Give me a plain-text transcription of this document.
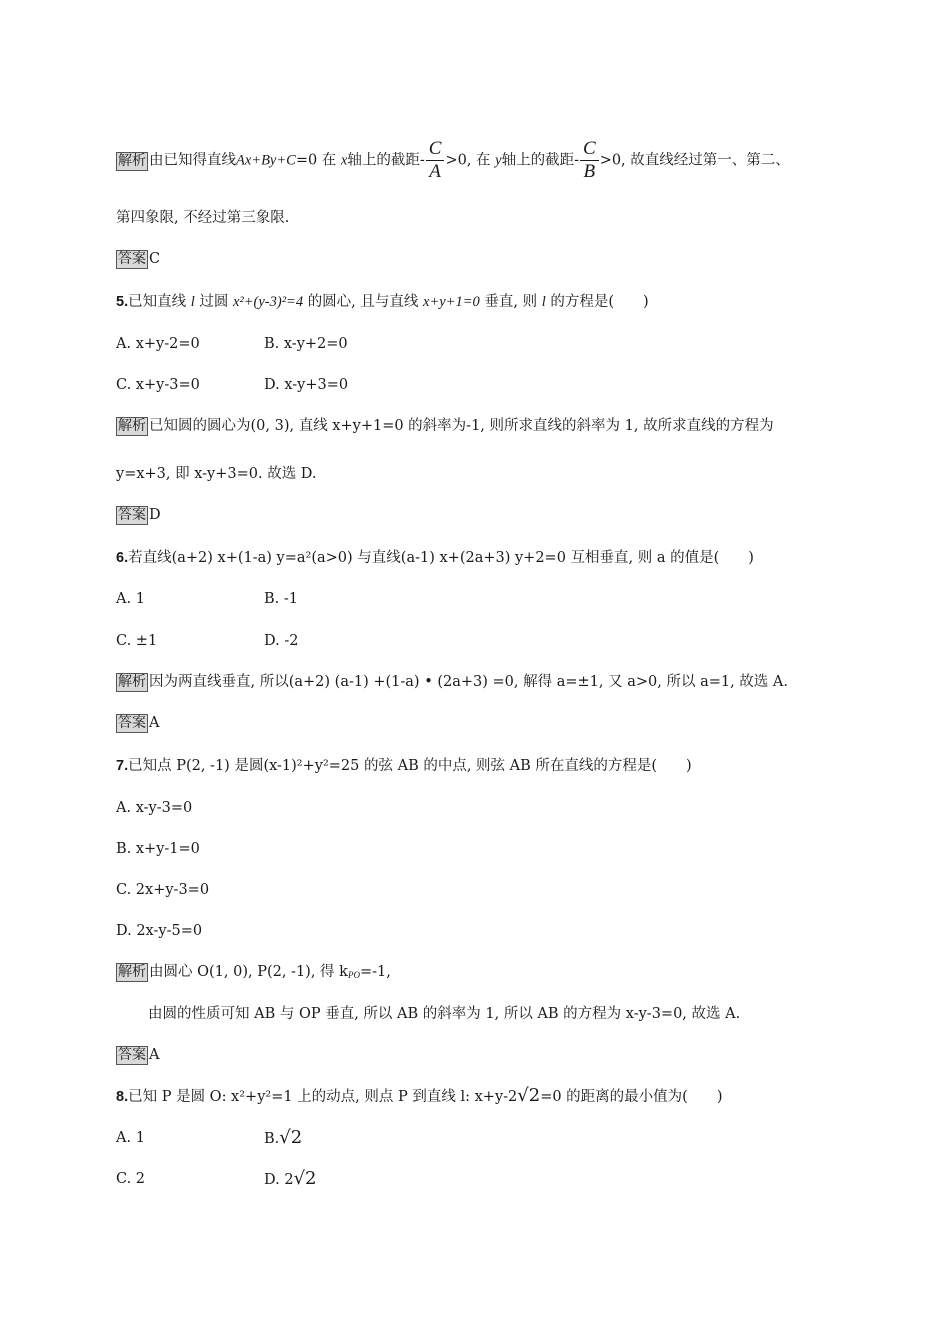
解析 由已知得直线Ax+By+C=0 在 x轴上的截距- $\frac{C}{A} >0$, 在 y轴上的截距- $\frac{C}{B} >0$, 故直线经过第一、第二、
第四象限, 不经过第三象限.
答案 C
5.已知直线 l 过圆 x²+(y-3)²=4 的圆心, 且与直线 x+y+1=0 垂直, 则 l 的方程是(　　)
A. x+y-2=0	B. x-y+2=0
C. x+y-3=0	D. x-y+3=0
解析 已知圆的圆心为(0, 3), 直线 x+y+1=0 的斜率为-1, 则所求直线的斜率为 1, 故所求直线的方程为
y=x+3, 即 x-y+3=0. 故选 D.
答案 D
6.若直线(a+2) x+(1-a) y=a²(a>0) 与直线(a-1) x+(2a+3) y+2=0 互相垂直, 则 a 的值是(　　)
A. 1	B. -1
C. ±1	D. -2
解析 因为两直线垂直, 所以(a+2) (a-1) +(1-a) • (2a+3) =0, 解得 a=±1, 又 a>0, 所以 a=1, 故选 A.
答案 A
7.已知点 P(2, -1) 是圆(x-1)²+y²=25 的弦 AB 的中点, 则弦 AB 所在直线的方程是(　　)
A. x-y-3=0
B. x+y-1=0
C. 2x+y-3=0
D. 2x-y-5=0
解析 由圆心 O(1, 0), P(2, -1), 得 $k_{PO}=-1$,
由圆的性质可知 AB 与 OP 垂直, 所以 AB 的斜率为 1, 所以 AB 的方程为 x-y-3=0, 故选 A.
答案 A
8.已知 P 是圆 O: x²+y²=1 上的动点, 则点 P 到直线 l: x+y-2√2=0 的距离的最小值为(　　)
A. 1	B.√2
C. 2	D. 2√2
